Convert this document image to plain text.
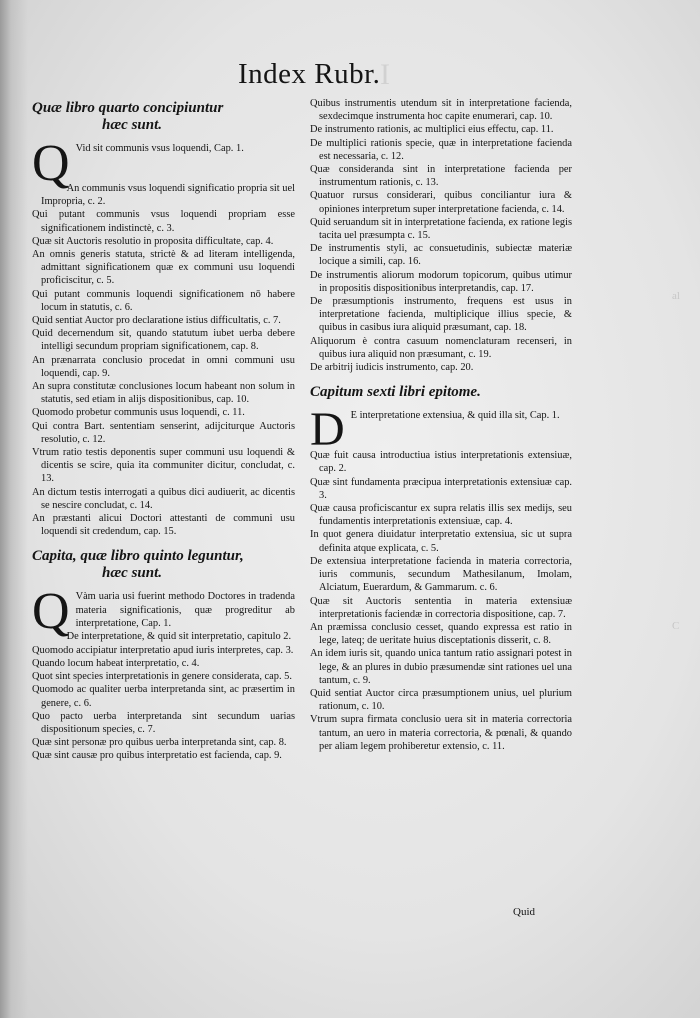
I
al
C
Index Rubr.
Quæ libro quarto concipiuntur
hæc sunt.
Q Vid sit communis vsus loquendi, Cap. 1.

An communis vsus loquendi significatio propria sit uel Impropria, c. 2.

Qui putant communis vsus loquendi propriam esse significationem indistinctè, c. 3.

Quæ sit Auctoris resolutio in proposita difficultate, cap. 4.

An omnis generis statuta, strictè & ad literam intelligenda, admittant significationem quæ ex communi usu loquendi proficiscitur, c. 5.

Qui putant communis loquendi significationem nō habere locum in statutis, c. 6.

Quid sentiat Auctor pro declaratione istius difficultatis, c. 7.

Quid decernendum sit, quando statutum iubet uerba debere intelligi secundum propriam significationem, cap. 8.

An prænarrata conclusio procedat in omni communi usu loquendi, cap. 9.

An supra constitutæ conclusiones locum habeant non solum in statutis, sed etiam in alijs dispositionibus, cap. 10.

Quomodo probetur communis usus loquendi, c. 11.

Qui contra Bart. sententiam senserint, adijciturque Auctoris resolutio, c. 12.

Vtrum ratio testis deponentis super communi usu loquendi & dicentis se scire, quia ita communiter dicitur, concludat, c. 13.

An dictum testis interrogati a quibus dici audiuerit, ac dicentis se nescire concludat, c. 14.

An præstanti alicui Doctori attestanti de communi usu loquendi sit credendum, cap. 15.

Capita, quæ libro quinto leguntur,
hæc sunt.
Q Vàm uaria usi fuerint methodo Doctores in tradenda materia significationis, quæ progreditur ab interpretatione, Cap. 1.

De interpretatione, & quid sit interpretatio, capitulo 2.

Quomodo accipiatur interpretatio apud iuris interpretes, cap. 3.

Quando locum habeat interpretatio, c. 4.

Quot sint species interpretationis in genere considerata, cap. 5.

Quomodo ac qualiter uerba interpretanda sint, ac præsertim in genere, c. 6.

Quo pacto uerba interpretanda sint secundum uarias dispositionum species, c. 7.

Quæ sint personæ pro quibus uerba interpretanda sint, cap. 8.

Quæ sint causæ pro quibus interpretatio est facienda, cap. 9.

Quibus instrumentis utendum sit in interpretatione facienda, sexdecimque instrumenta hoc capite enumerari, cap. 10.

De instrumento rationis, ac multiplici eius effectu, cap. 11.

De multiplici rationis specie, quæ in interpretatione facienda est necessaria, c. 12.

Quæ consideranda sint in interpretatione facienda per instrumentum rationis, c. 13.

Quatuor rursus considerari, quibus conciliantur iura & opiniones interpretum super interpretatione facienda, c. 14.

Quid seruandum sit in interpretatione facienda, ex ratione legis tacita uel præsumpta c. 15.

De instrumentis styli, ac consuetudinis, subiectæ materiæ locique a simili, cap. 16.

De instrumentis aliorum modorum topicorum, quibus utimur in propositis dispositionibus interpretandis, cap. 17.

De præsumptionis instrumento, frequens est usus in interpretatione facienda, multiplicique illius specie, & quibus in casibus iura aliquid præsumant, cap. 18.

Aliquorum è contra casuum nomenclaturam recenseri, in quibus iura aliquid non præsumant, c. 19.

De arbitrij iudicis instrumento, cap. 20.

Capitum sexti libri epitome.
D E interpretatione extensiua, & quid illa sit, Cap. 1.

Quæ fuit causa introductiua istius interpretationis extensiuæ, cap. 2.

Quæ sint fundamenta præcipua interpretationis extensiuæ cap. 3.

Quæ causa proficiscantur ex supra relatis illis sex medijs, seu fundamentis interpretationis extensiuæ, cap. 4.

In quot genera diuidatur interpretatio extensiua, sic ut supra definita atque explicata, c. 5.

De extensiua interpretatione facienda in materia correctoria, iuris communis, secundum Mathesilanum, Imolam, Alciatum, Euerardum, & Gammarum. c. 6.

Quæ sit Auctoris sententia in materia extensiuæ interpretationis faciendæ in correctoria dispositione, cap. 7.

An præmissa conclusio cesset, quando expressa est ratio in lege, lateq; de ueritate huius disceptationis disserit, c. 8.

An idem iuris sit, quando unica tantum ratio assignari potest in lege, & an plures in dubio præsumendæ sint rationes uel una tantum, c. 9.

Quid sentiat Auctor circa præsumptionem unius, uel plurium rationum, c. 10.

Vtrum supra firmata conclusio uera sit in materia correctoria tantum, an uero in materia correctoria, & pœnali, & quando per aliam legem prohiberetur extensio, c. 11.

Quid
